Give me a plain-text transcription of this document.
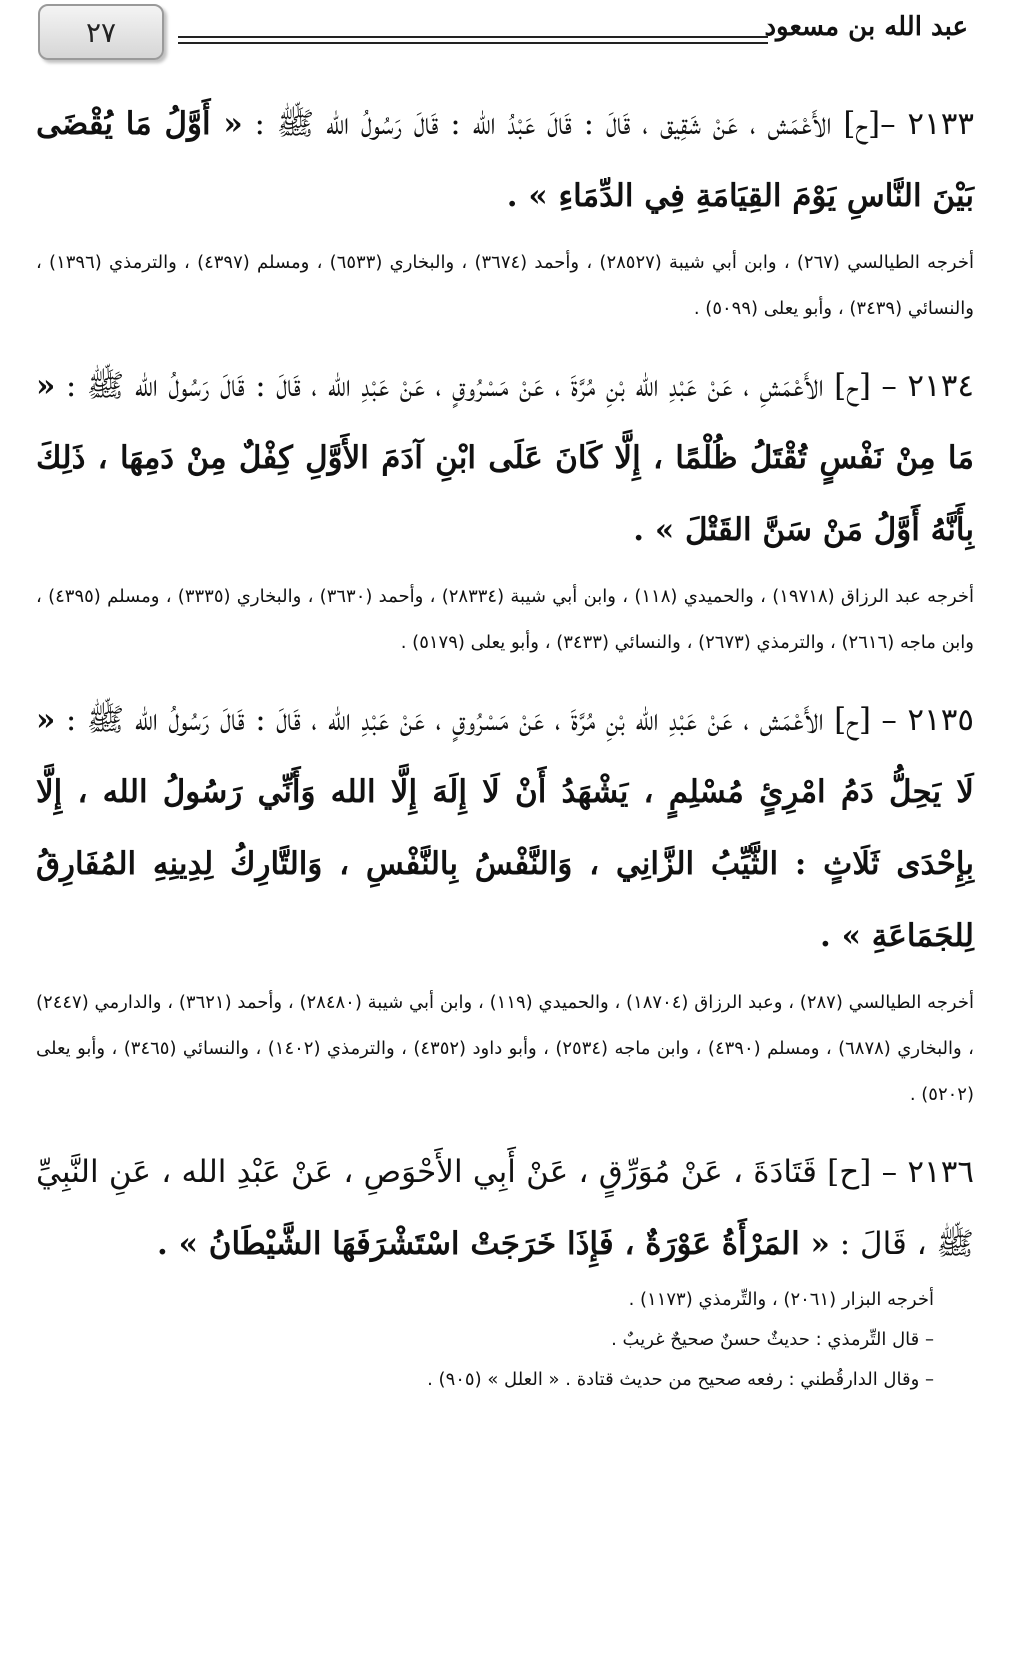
٢٧	عبد الله بن مسعود

٢١٣٣ –[ح] الأَعْمَش ، عَنْ شَقِيق ، قَالَ : قَالَ عَبْدُ الله : قَالَ رَسُولُ الله ﷺ : « أَوَّلُ مَا يُقْضَى بَيْنَ النَّاسِ يَوْمَ القِيَامَةِ فِي الدِّمَاءِ » .

أخرجه الطيالسي (٢٦٧) ، وابن أبي شيبة (٢٨٥٢٧) ، وأحمد (٣٦٧٤) ، والبخاري (٦٥٣٣) ، ومسلم (٤٣٩٧) ، والترمذي (١٣٩٦) ، والنسائي (٣٤٣٩) ، وأبو يعلى (٥٠٩٩) .

٢١٣٤ – [ح] الأَعْمَشِ ، عَنْ عَبْدِ الله بْنِ مُرَّةَ ، عَنْ مَسْرُوقٍ ، عَنْ عَبْدِ الله ، قَالَ : قَالَ رَسُولُ الله ﷺ : « مَا مِنْ نَفْسٍ تُقْتَلُ ظُلْمًا ، إِلَّا كَانَ عَلَى ابْنِ آدَمَ الأَوَّلِ كِفْلٌ مِنْ دَمِهَا ، ذَلِكَ بِأَنَّهُ أَوَّلُ مَنْ سَنَّ القَتْلَ » .

أخرجه عبد الرزاق (١٩٧١٨) ، والحميدي (١١٨) ، وابن أبي شيبة (٢٨٣٣٤) ، وأحمد (٣٦٣٠) ، والبخاري (٣٣٣٥) ، ومسلم (٤٣٩٥) ، وابن ماجه (٢٦١٦) ، والترمذي (٢٦٧٣) ، والنسائي (٣٤٣٣) ، وأبو يعلى (٥١٧٩) .

٢١٣٥ – [ح] الأَعْمَش ، عَنْ عَبْدِ الله بْنِ مُرَّةَ ، عَنْ مَسْرُوقٍ ، عَنْ عَبْدِ الله ، قَالَ : قَالَ رَسُولُ الله ﷺ : « لَا يَحِلُّ دَمُ امْرِئٍ مُسْلِمٍ ، يَشْهَدُ أَنْ لَا إِلَهَ إِلَّا الله وَأَنِّي رَسُولُ الله ، إِلَّا بِإِحْدَى ثَلَاثٍ : الثَّيِّبُ الزَّانِي ، وَالنَّفْسُ بِالنَّفْسِ ، وَالتَّارِكُ لِدِينِهِ المُفَارِقُ لِلجَمَاعَةِ » .

أخرجه الطيالسي (٢٨٧) ، وعبد الرزاق (١٨٧٠٤) ، والحميدي (١١٩) ، وابن أبي شيبة (٢٨٤٨٠) ، وأحمد (٣٦٢١) ، والدارمي (٢٤٤٧) ، والبخاري (٦٨٧٨) ، ومسلم (٤٣٩٠) ، وابن ماجه (٢٥٣٤) ، وأبو داود (٤٣٥٢) ، والترمذي (١٤٠٢) ، والنسائي (٣٤٦٥) ، وأبو يعلى (٥٢٠٢) .

٢١٣٦ – [ح] قَتَادَةَ ، عَنْ مُوَرِّقٍ ، عَنْ أَبِي الأَحْوَصِ ، عَنْ عَبْدِ الله ، عَنِ النَّبِيِّ ﷺ ، قَالَ : « المَرْأَةُ عَوْرَةٌ ، فَإِذَا خَرَجَتْ اسْتَشْرَفَهَا الشَّيْطَانُ » .

أخرجه البزار (٢٠٦١) ، والتِّرمذي (١١٧٣) .
– قال التِّرمذي : حديثٌ حسنٌ صحيحٌ غريبٌ .
– وقال الدارقُطني : رفعه صحيح من حديث قتادة . « العلل » (٩٠٥) .
